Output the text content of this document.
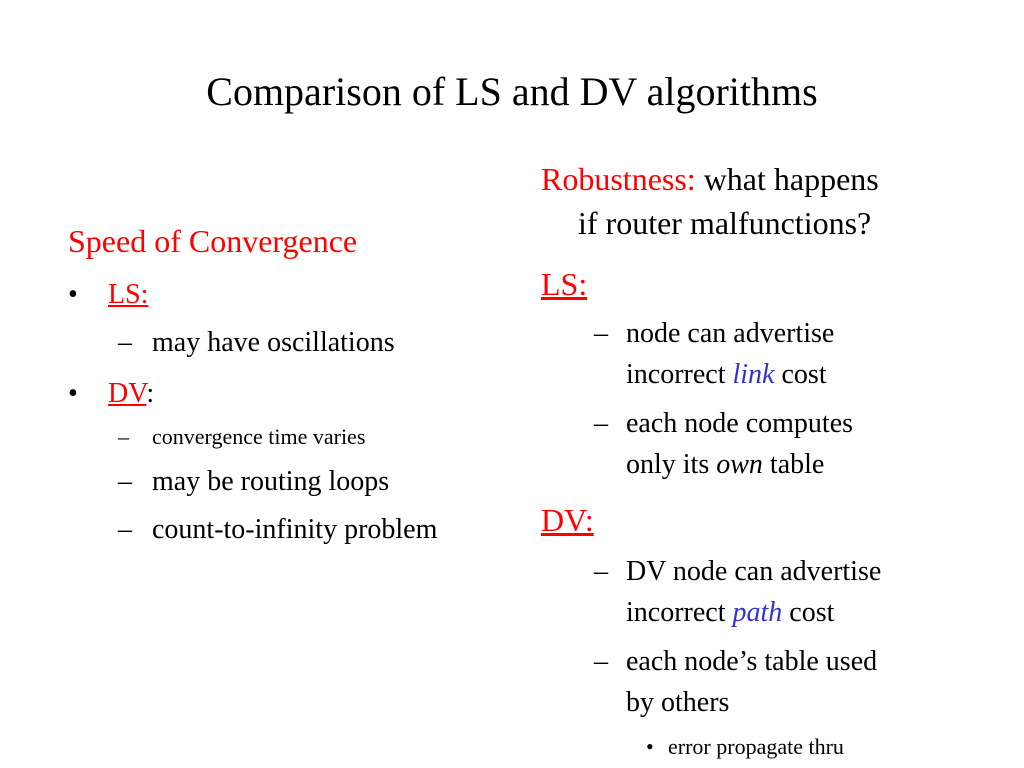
Comparison of LS and DV algorithms
Speed of Convergence
• LS:
– may have oscillations
• DV:
– convergence time varies
– may be routing loops
– count-to-infinity problem
Robustness: what happens
if router malfunctions?
LS:
– node can advertise
incorrect link cost
– each node computes
only its own table
DV:
– DV node can advertise
incorrect path cost
– each node’s table used
by others
• error propagate thru
